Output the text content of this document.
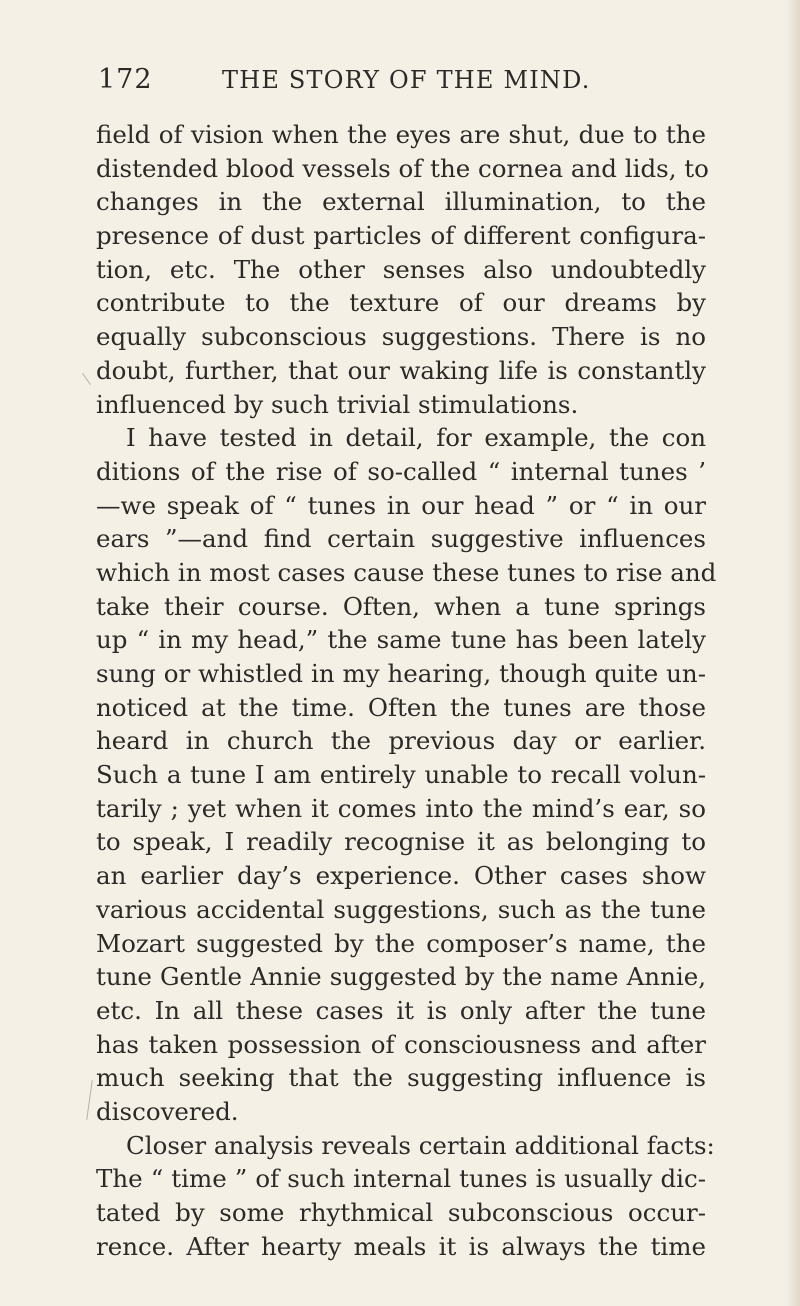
172	THE STORY OF THE MIND.
field of vision when the eyes are shut, due to the
distended blood vessels of the cornea and lids, to
changes in the external illumination, to the
presence of dust particles of different configura-
tion, etc. The other senses also undoubtedly
contribute to the texture of our dreams by
equally subconscious suggestions. There is no
doubt, further, that our waking life is constantly
influenced by such trivial stimulations.
I have tested in detail, for example, the con
ditions of the rise of so-called “ internal tunes ’
—we speak of “ tunes in our head ” or “ in our
ears ”—and find certain suggestive influences
which in most cases cause these tunes to rise and
take their course. Often, when a tune springs
up “ in my head,” the same tune has been lately
sung or whistled in my hearing, though quite un-
noticed at the time. Often the tunes are those
heard in church the previous day or earlier.
Such a tune I am entirely unable to recall volun-
tarily ; yet when it comes into the mind’s ear, so
to speak, I readily recognise it as belonging to
an earlier day’s experience. Other cases show
various accidental suggestions, such as the tune
Mozart suggested by the composer’s name, the
tune Gentle Annie suggested by the name Annie,
etc. In all these cases it is only after the tune
has taken possession of consciousness and after
much seeking that the suggesting influence is
discovered.
Closer analysis reveals certain additional facts:
The “ time ” of such internal tunes is usually dic-
tated by some rhythmical subconscious occur-
rence. After hearty meals it is always the time
